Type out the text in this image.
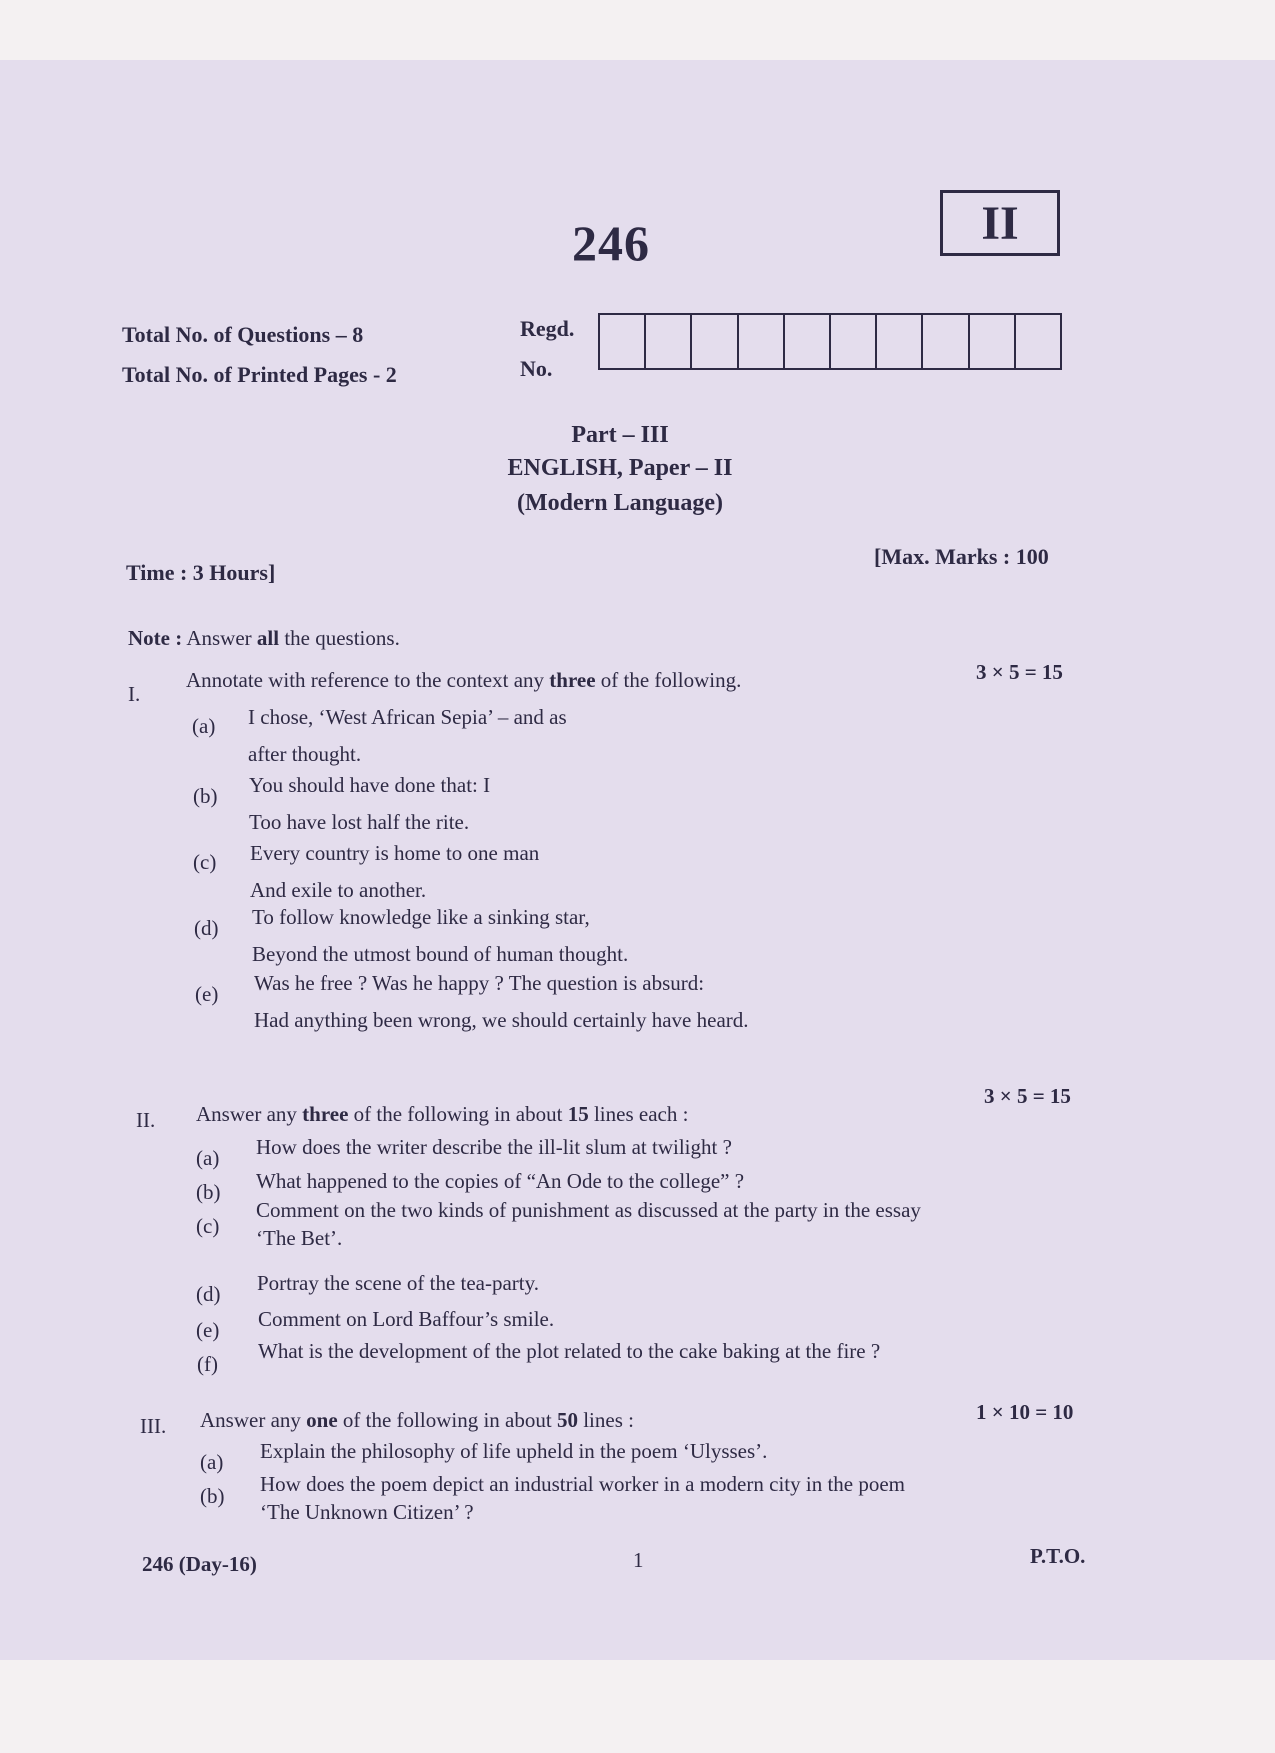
246	II
Total No. of Questions – 8
Total No. of Printed Pages - 2
Regd.
No.
Part – III
ENGLISH, Paper – II
(Modern Language)
Time : 3 Hours]
[Max. Marks : 100
Note : Answer all the questions.
I.
Annotate with reference to the context any three of the following.	3 × 5 = 15
(a) I chose, ‘West African Sepia’ – and as
after thought.
(b) You should have done that: I
Too have lost half the rite.
(c) Every country is home to one man
And exile to another.
(d) To follow knowledge like a sinking star,
Beyond the utmost bound of human thought.
(e) Was he free ? Was he happy ? The question is absurd:
Had anything been wrong, we should certainly have heard.
II. Answer any three of the following in about 15 lines each :
3 × 5 = 15
(a) How does the writer describe the ill-lit slum at twilight ?
(b) What happened to the copies of “An Ode to the college” ?
(c)
Comment on the two kinds of punishment as discussed at the party in the essay
‘The Bet’.
(d) Portray the scene of the tea-party.
(e) Comment on Lord Baffour’s smile.
(f)
What is the development of the plot related to the cake baking at the fire ?
III. Answer any one of the following in about 50 lines :	1 × 10 = 10
(a) Explain the philosophy of life upheld in the poem ‘Ulysses’.
(b) How does the poem depict an industrial worker in a modern city in the poem
‘The Unknown Citizen’ ?
246 (Day-16)	1	P.T.O.
